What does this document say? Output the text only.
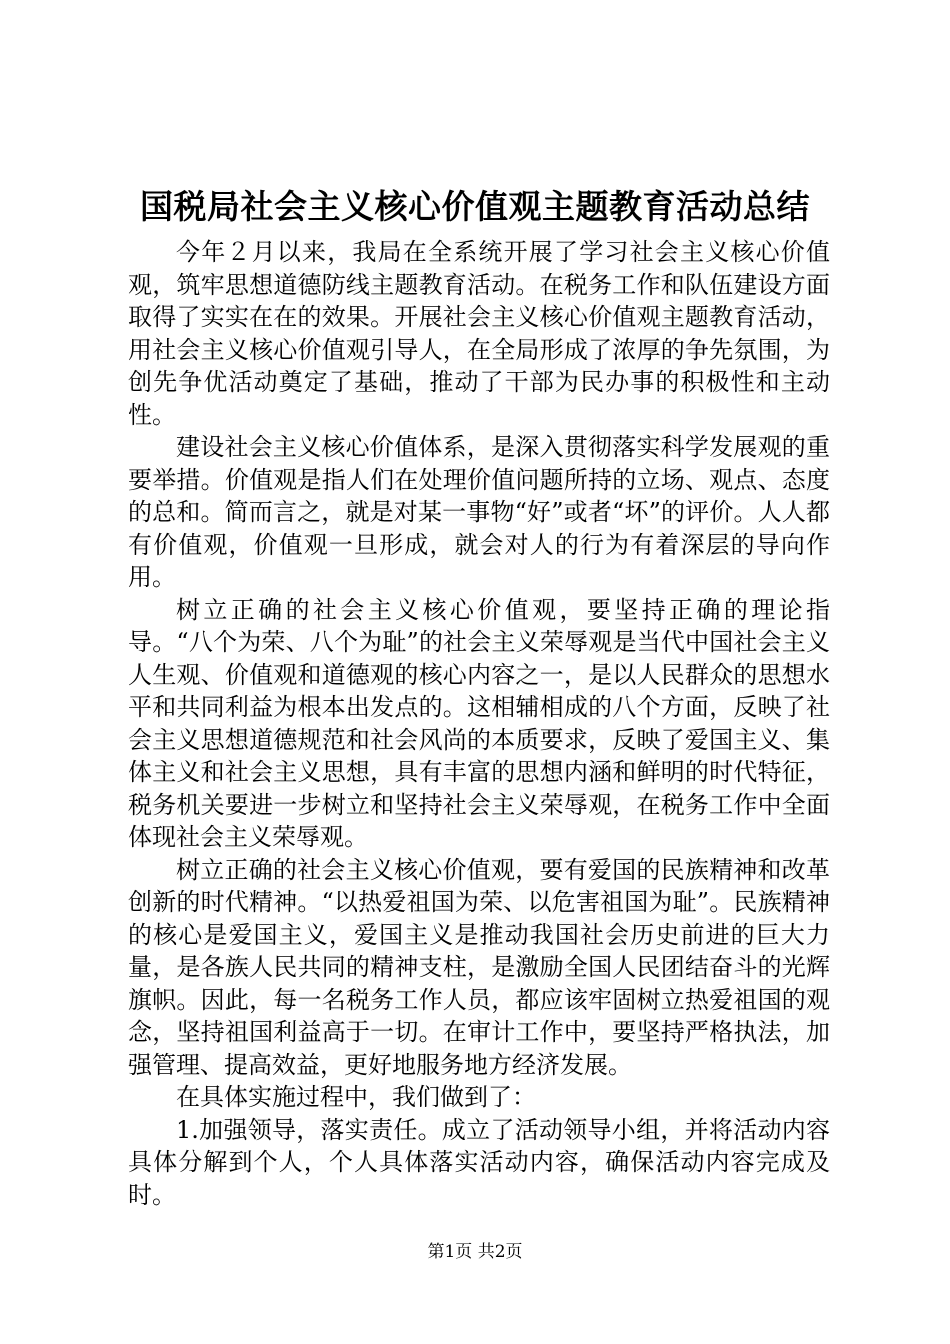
国税局社会主义核心价值观主题教育活动总结

今年２月以来，我局在全系统开展了学习社会主义核心价值观，筑牢思想道德防线主题教育活动。在税务工作和队伍建设方面取得了实实在在的效果。开展社会主义核心价值观主题教育活动，用社会主义核心价值观引导人，在全局形成了浓厚的争先氛围，为创先争优活动奠定了基础，推动了干部为民办事的积极性和主动性。

建设社会主义核心价值体系，是深入贯彻落实科学发展观的重要举措。价值观是指人们在处理价值问题所持的立场、观点、态度的总和。简而言之，就是对某一事物“好”或者“坏”的评价。人人都有价值观，价值观一旦形成，就会对人的行为有着深层的导向作用。

树立正确的社会主义核心价值观，要坚持正确的理论指导。“八个为荣、八个为耻”的社会主义荣辱观是当代中国社会主义人生观、价值观和道德观的核心内容之一，是以人民群众的思想水平和共同利益为根本出发点的。这相辅相成的八个方面，反映了社会主义思想道德规范和社会风尚的本质要求，反映了爱国主义、集体主义和社会主义思想，具有丰富的思想内涵和鲜明的时代特征，税务机关要进一步树立和坚持社会主义荣辱观，在税务工作中全面体现社会主义荣辱观。

树立正确的社会主义核心价值观，要有爱国的民族精神和改革创新的时代精神。“以热爱祖国为荣、以危害祖国为耻”。民族精神的核心是爱国主义，爱国主义是推动我国社会历史前进的巨大力量，是各族人民共同的精神支柱，是激励全国人民团结奋斗的光辉旗帜。因此，每一名税务工作人员，都应该牢固树立热爱祖国的观念，坚持祖国利益高于一切。在审计工作中，要坚持严格执法，加强管理、提高效益，更好地服务地方经济发展。

在具体实施过程中，我们做到了：

1.加强领导，落实责任。成立了活动领导小组，并将活动内容具体分解到个人，个人具体落实活动内容，确保活动内容完成及时。

第1页 共2页
